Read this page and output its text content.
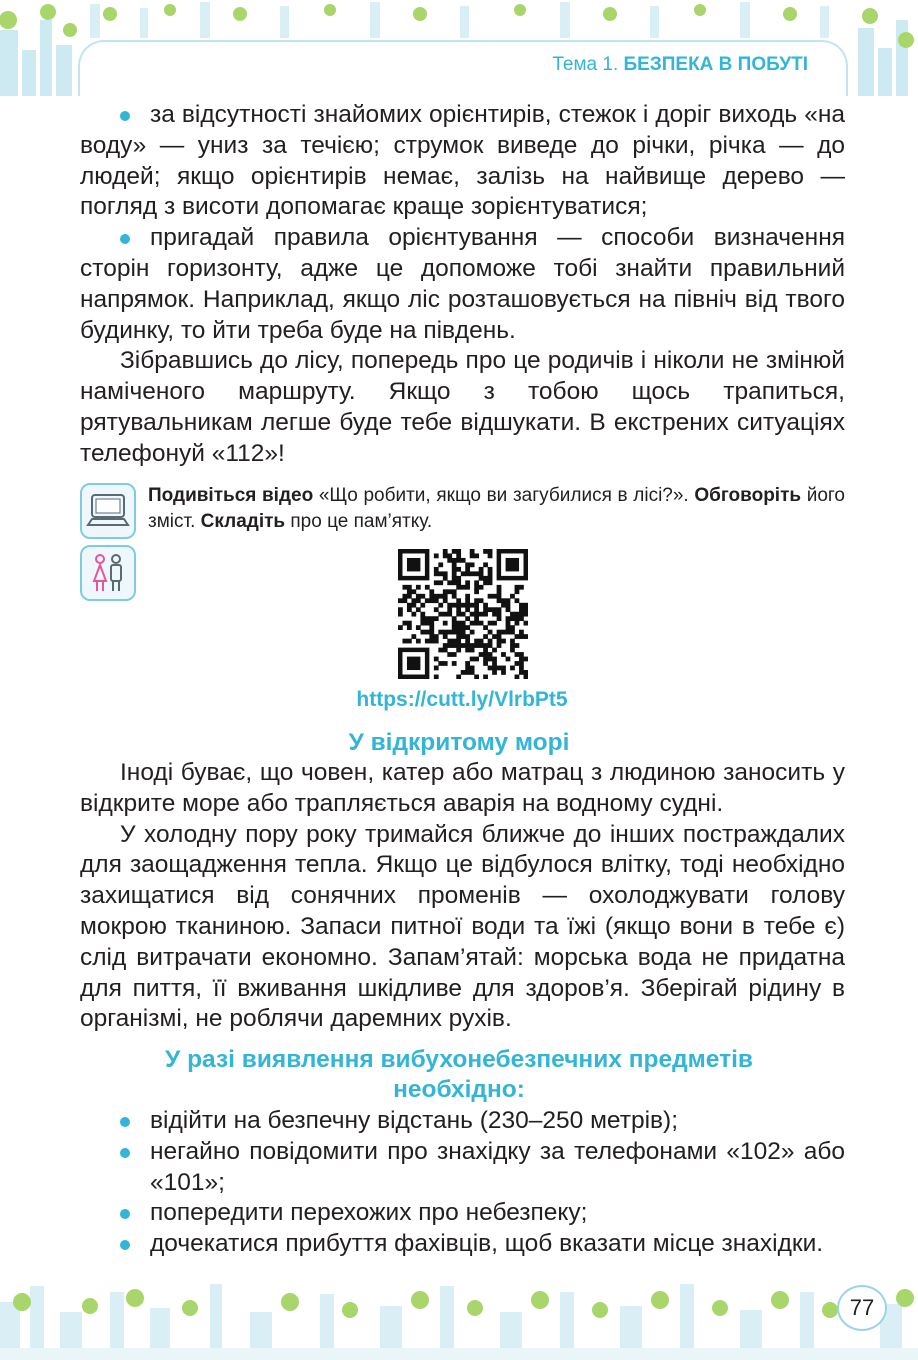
Тема 1. БЕЗПЕКА В ПОБУТІ
за відсутності знайомих орієнтирів, стежок і доріг виходь «на воду» — униз за течією; струмок виведе до річки, річка — до людей; якщо орієнтирів немає, залізь на найвище дерево — погляд з висоти допомагає краще зорієнтуватися;
пригадай правила орієнтування — способи визначення сторін горизонту, адже це допоможе тобі знайти правильний напрямок. Наприклад, якщо ліс розташовується на північ від твого будинку, то йти треба буде на південь.
Зібравшись до лісу, попередь про це родичів і ніколи не змінюй наміченого маршруту. Якщо з тобою щось трапиться, рятувальникам легше буде тебе відшукати. В екстрених ситуаціях телефонуй «112»!
Подивіться відео «Що робити, якщо ви загубилися в лісі?». Обговоріть його зміст. Складіть про це пам’ятку.
https://cutt.ly/VlrbPt5
У відкритому морі
Іноді буває, що човен, катер або матрац з людиною заносить у відкрите море або трапляється аварія на водному судні.
У холодну пору року тримайся ближче до інших постраждалих для заощадження тепла. Якщо це відбулося влітку, тоді необхідно захищатися від сонячних променів — охолоджувати голову мокрою тканиною. Запаси питної води та їжі (якщо вони в тебе є) слід витрачати економно. Запам’ятай: морська вода не придатна для пиття, її вживання шкідливе для здоров’я. Зберігай рідину в організмі, не роблячи даремних рухів.
У разі виявлення вибухонебезпечних предметів
необхідно:
відійти на безпечну відстань (230–250 метрів);
негайно повідомити про знахідку за телефонами «102» або «101»;
попередити перехожих про небезпеку;
дочекатися прибуття фахівців, щоб вказати місце знахідки.
77
